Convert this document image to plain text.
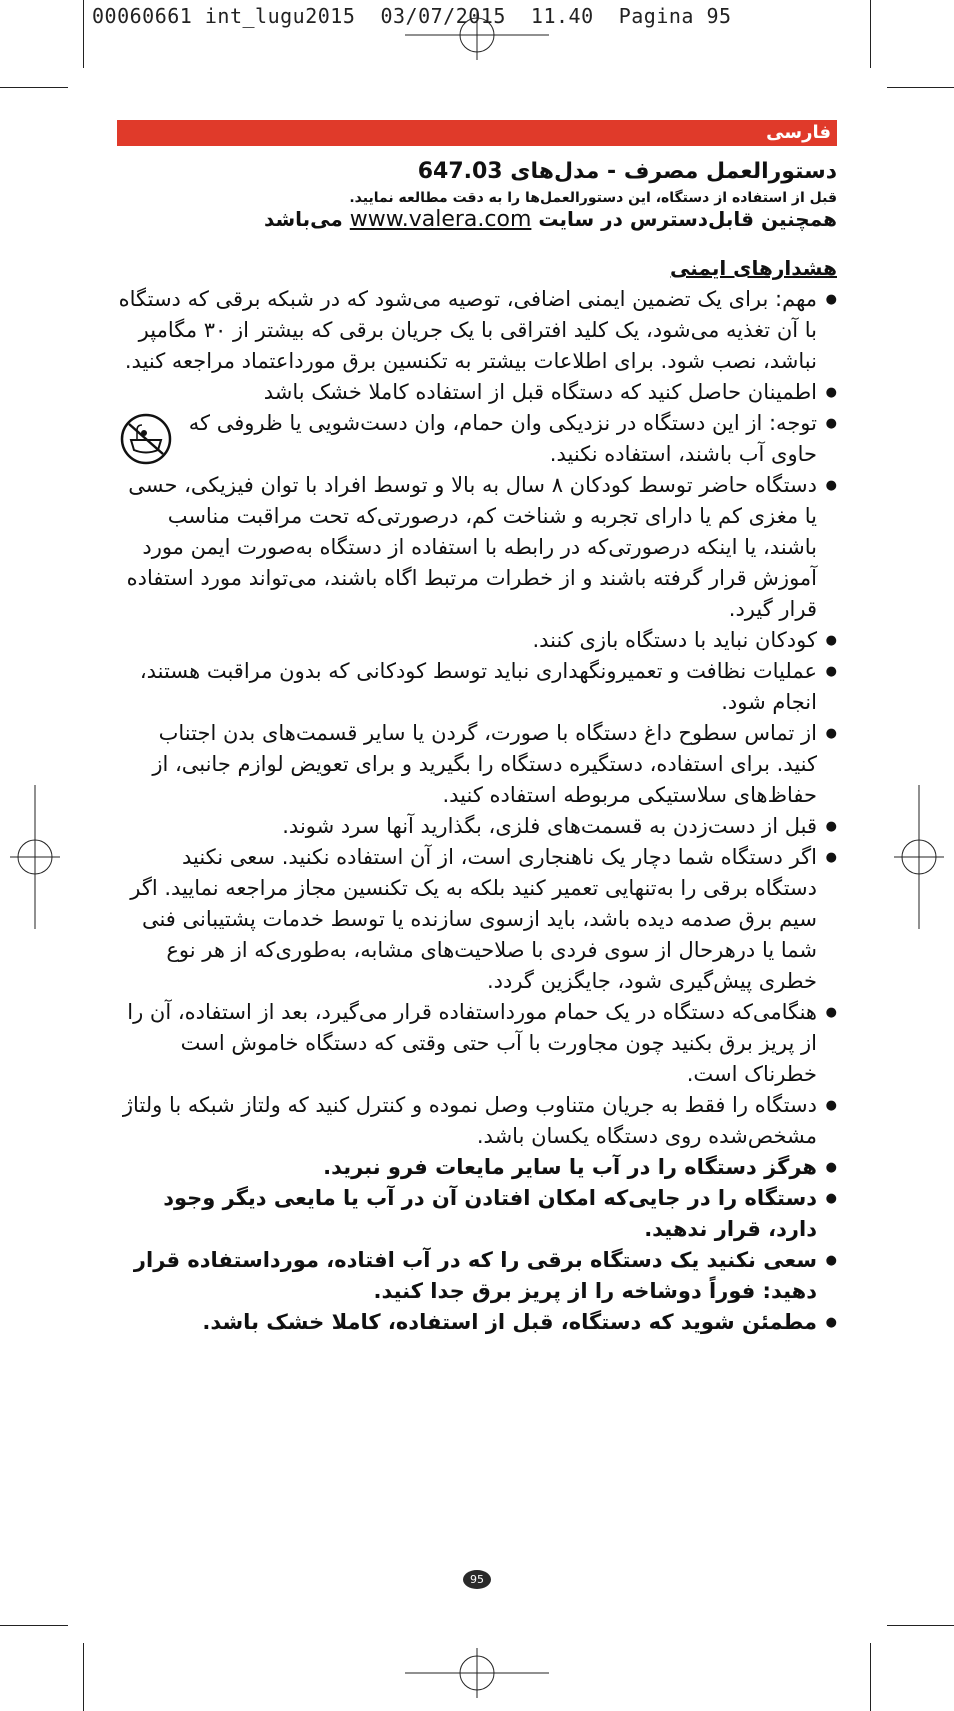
00060661 int_lugu2015  03/07/2015  11.40  Pagina 95
فارسی
دستورالعمل مصرف - مدل‌های 647.03
قبل از استفاده از دستگاه، این دستورالعمل‌ها را به دقت مطالعه نمایید.
همچنین قابل‌دسترس در سایت www.valera.com می‌باشد
هشدارهای ایمنی
● مهم: برای یک تضمین ایمنی اضافی، توصیه می‌شود که در شبکه برقی که دستگاه با آن تغذیه می‌شود، یک کلید افتراقی با یک جریان برقی که بیشتر از ۳۰ مگامپر نباشد، نصب شود. برای اطلاعات بیشتر به تکنسین برق مورداعتماد مراجعه کنید.
● اطمینان حاصل کنید که دستگاه قبل از استفاده کاملا خشک باشد
● توجه: از این دستگاه در نزدیکی وان حمام، وان دست‌شویی یا ظروفی که حاوی آب باشند، استفاده نکنید.
● دستگاه حاضر توسط کودکان ۸ سال به بالا و توسط افراد با توان فیزیکی، حسی یا مغزی کم یا دارای تجربه و شناخت کم، درصورتی‌که تحت مراقبت مناسب باشند، یا اینکه درصورتی‌که در رابطه با استفاده از دستگاه به‌صورت ایمن مورد آموزش قرار گرفته باشند و از خطرات مرتبط اگاه باشند، می‌تواند مورد استفاده قرار گیرد.
● کودکان نباید با دستگاه بازی کنند.
● عملیات نظافت و تعمیرونگهداری نباید توسط کودکانی که بدون مراقبت هستند، انجام شود.
● از تماس سطوح داغ دستگاه با صورت، گردن یا سایر قسمت‌های بدن اجتناب کنید. برای استفاده، دستگیره دستگاه را بگیرید و برای تعویض لوازم جانبی، از حفاظ‌های سلاستیکی مربوطه استفاده کنید.
● قبل از دست‌زدن به قسمت‌های فلزی، بگذارید آنها سرد شوند.
● اگر دستگاه شما دچار یک ناهنجاری است، از آن استفاده نکنید. سعی نکنید دستگاه برقی را به‌تنهایی تعمیر کنید بلکه به یک تکنسین مجاز مراجعه نمایید. اگر سیم برق صدمه دیده باشد، باید ازسوی سازنده یا توسط خدمات پشتیبانی فنی شما یا درهرحال از سوی فردی با صلاحیت‌های مشابه، به‌طوری‌که از هر نوع خطری پیش‌گیری شود، جایگزین گردد.
● هنگامی‌که دستگاه در یک حمام مورداستفاده قرار می‌گیرد، بعد از استفاده، آن را از پریز برق بکنید چون مجاورت با آب حتی وقتی که دستگاه خاموش است خطرناک است.
● دستگاه را فقط به جریان متناوب وصل نموده و کنترل کنید که ولتاز شبکه با ولتاژ مشخص‌شده روی دستگاه یکسان باشد.
● هرگز دستگاه را در آب یا سایر مایعات فرو نبرید.
● دستگاه را در جایی‌که امکان افتادن آن در آب یا مایعی دیگر وجود دارد، قرار ندهید.
● سعی نکنید یک دستگاه برقی را که در آب افتاده، مورداستفاده قرار دهید: فوراً دوشاخه را از پریز برق جدا کنید.
● مطمئن شوید که دستگاه، قبل از استفاده، کاملا خشک باشد.
95
